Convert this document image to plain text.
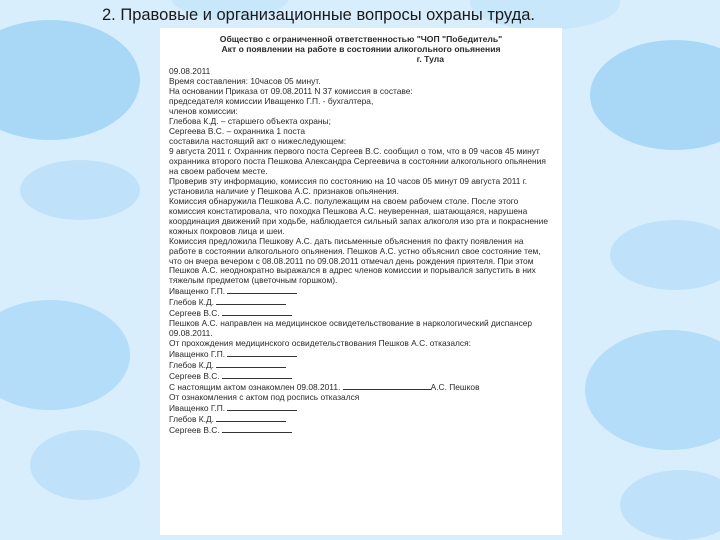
2. Правовые и организационные вопросы охраны труда.
Общество с ограниченной ответственностью "ЧОП "Победитель"
Акт о появлении на работе в состоянии алкогольного опьянения
г. Тула
09.08.2011
Время составления: 10часов 05 минут.
На основании Приказа от 09.08.2011 N 37 комиссия в составе:
председателя комиссии Иващенко Г.П. - бухгалтера,
членов комиссии:
Глебова К.Д. – старшего объекта охраны;
Сергеева В.С. – охранника 1 поста
составила настоящий акт о нижеследующем:
9 августа 2011 г. Охранник первого поста Сергеев В.С. сообщил о том, что в 09 часов 45 минут охранника второго поста Пешкова Александра Сергеевича в состоянии алкогольного опьянения на своем рабочем месте.
Проверив эту информацию, комиссия по состоянию на 10 часов 05 минут 09 августа 2011 г. установила наличие у Пешкова А.С. признаков опьянения.
Комиссия обнаружила Пешкова А.С. полулежащим на своем рабочем столе. После этого комиссия констатировала, что походка Пешкова А.С. неуверенная, шатающаяся, нарушена координация движений при ходьбе, наблюдается сильный запах алкоголя изо рта и покраснение кожных покровов лица и шеи.
Комиссия предложила Пешкову А.С. дать письменные объяснения по факту появления на работе в состоянии алкогольного опьянения. Пешков А.С. устно объяснил свое состояние тем, что он вчера вечером с 08.08.2011 по 09.08.2011 отмечал день рождения приятеля. При этом Пешков А.С. неоднократно выражался в адрес членов комиссии и порывался запустить в них тяжелым предметом (цветочным горшком).
Иващенко Г.П.
Глебов К.Д.
Сергеев В.С.
Пешков А.С. направлен на медицинское освидетельствование в наркологический диспансер 09.08.2011.
От прохождения медицинского освидетельствования Пешков А.С. отказался:
Иващенко Г.П.
Глебов К.Д.
Сергеев В.С.
С настоящим актом ознакомлен 09.08.2011.	А.С. Пешков
От ознакомления с актом под роспись отказался
Иващенко Г.П.
Глебов К.Д.
Сергеев В.С.
